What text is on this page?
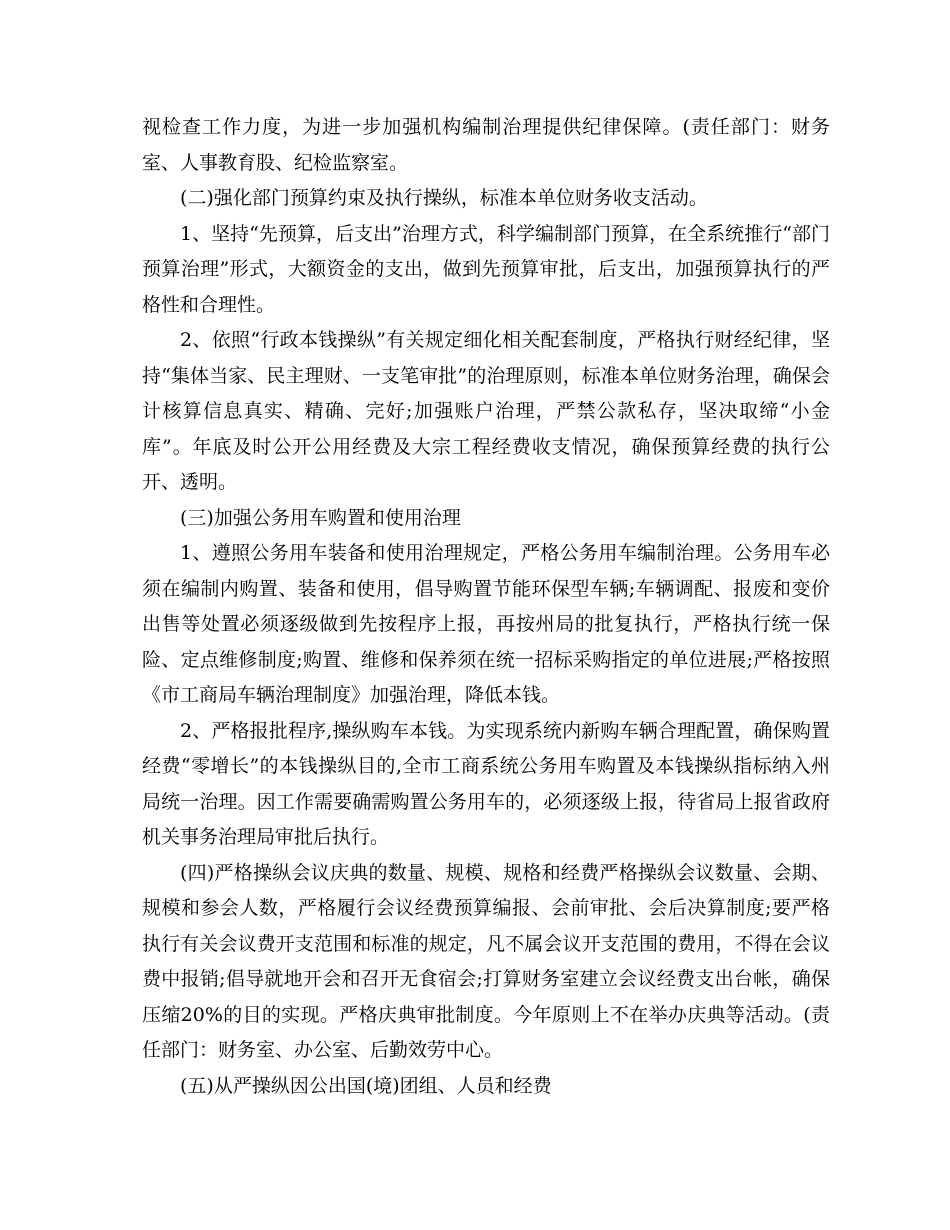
视检查工作力度，为进一步加强机构编制治理提供纪律保障。(责任部门：财务室、人事教育股、纪检监察室。

(二)强化部门预算约束及执行操纵，标准本单位财务收支活动。

1、坚持“先预算，后支出”治理方式，科学编制部门预算，在全系统推行“部门预算治理”形式，大额资金的支出，做到先预算审批，后支出，加强预算执行的严格性和合理性。

2、依照“行政本钱操纵”有关规定细化相关配套制度，严格执行财经纪律，坚持“集体当家、民主理财、一支笔审批”的治理原则，标准本单位财务治理，确保会计核算信息真实、精确、完好;加强账户治理，严禁公款私存，坚决取缔“小金库”。年底及时公开公用经费及大宗工程经费收支情况，确保预算经费的执行公开、透明。

(三)加强公务用车购置和使用治理

1、遵照公务用车装备和使用治理规定，严格公务用车编制治理。公务用车必须在编制内购置、装备和使用，倡导购置节能环保型车辆;车辆调配、报废和变价出售等处置必须逐级做到先按程序上报，再按州局的批复执行，严格执行统一保险、定点维修制度;购置、维修和保养须在统一招标采购指定的单位进展;严格按照《市工商局车辆治理制度》加强治理，降低本钱。

2、严格报批程序,操纵购车本钱。为实现系统内新购车辆合理配置，确保购置经费“零增长”的本钱操纵目的,全市工商系统公务用车购置及本钱操纵指标纳入州局统一治理。因工作需要确需购置公务用车的，必须逐级上报，待省局上报省政府机关事务治理局审批后执行。

(四)严格操纵会议庆典的数量、规模、规格和经费严格操纵会议数量、会期、规模和参会人数，严格履行会议经费预算编报、会前审批、会后决算制度;要严格执行有关会议费开支范围和标准的规定，凡不属会议开支范围的费用，不得在会议费中报销;倡导就地开会和召开无食宿会;打算财务室建立会议经费支出台帐，确保压缩20%的目的实现。严格庆典审批制度。今年原则上不在举办庆典等活动。(责任部门：财务室、办公室、后勤效劳中心。

(五)从严操纵因公出国(境)团组、人员和经费
